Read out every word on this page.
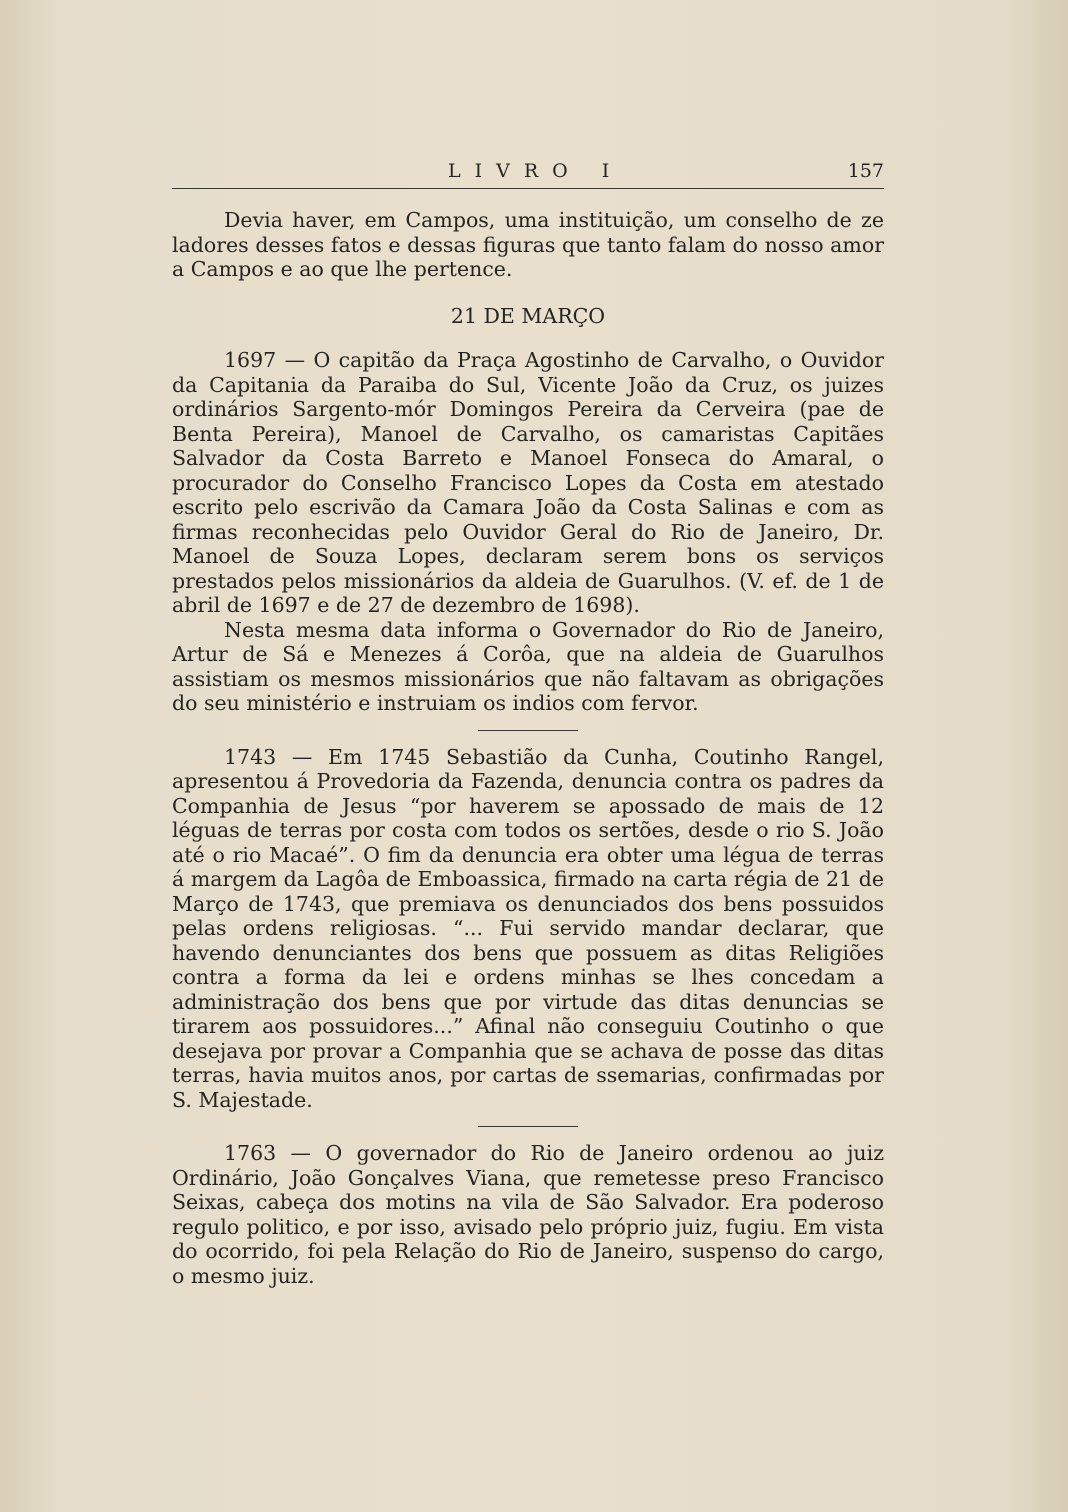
LIVRO I	157

Devia haver, em Campos, uma instituição, um conselho de ze ladores desses fatos e dessas figuras que tanto falam do nosso amor a Campos e ao que lhe pertence.

21 DE MARÇO

1697 — O capitão da Praça Agostinho de Carvalho, o Ouvidor da Capitania da Paraiba do Sul, Vicente João da Cruz, os juizes ordinários Sargento-mór Domingos Pereira da Cerveira (pae de Benta Pereira), Manoel de Carvalho, os camaristas Capitães Salvador da Costa Barreto e Manoel Fonseca do Amaral, o procurador do Conselho Francisco Lopes da Costa em atestado escrito pelo escrivão da Camara João da Costa Salinas e com as firmas reconhecidas pelo Ouvidor Geral do Rio de Janeiro, Dr. Manoel de Souza Lopes, declaram serem bons os serviços prestados pelos missionários da aldeia de Guarulhos. (V. ef. de 1 de abril de 1697 e de 27 de dezembro de 1698).

Nesta mesma data informa o Governador do Rio de Janeiro, Artur de Sá e Menezes á Corôa, que na aldeia de Guarulhos assistiam os mesmos missionários que não faltavam as obrigações do seu ministério e instruiam os indios com fervor.

1743 — Em 1745 Sebastião da Cunha, Coutinho Rangel, apresentou á Provedoria da Fazenda, denuncia contra os padres da Companhia de Jesus “por haverem se apossado de mais de 12 léguas de terras por costa com todos os sertões, desde o rio S. João até o rio Macaé”. O fim da denuncia era obter uma légua de terras á margem da Lagôa de Emboassica, firmado na carta régia de 21 de Março de 1743, que premiava os denunciados dos bens possuidos pelas ordens religiosas. “... Fui servido mandar declarar, que havendo denunciantes dos bens que possuem as ditas Religiões contra a forma da lei e ordens minhas se lhes concedam a administração dos bens que por virtude das ditas denuncias se tirarem aos possuidores...” Afinal não conseguiu Coutinho o que desejava por provar a Companhia que se achava de posse das ditas terras, havia muitos anos, por cartas de ssemarias, confirmadas por S. Majestade.

1763 — O governador do Rio de Janeiro ordenou ao juiz Ordinário, João Gonçalves Viana, que remetesse preso Francisco Seixas, cabeça dos motins na vila de São Salvador. Era poderoso regulo politico, e por isso, avisado pelo próprio juiz, fugiu. Em vista do ocorrido, foi pela Relação do Rio de Janeiro, suspenso do cargo, o mesmo juiz.
